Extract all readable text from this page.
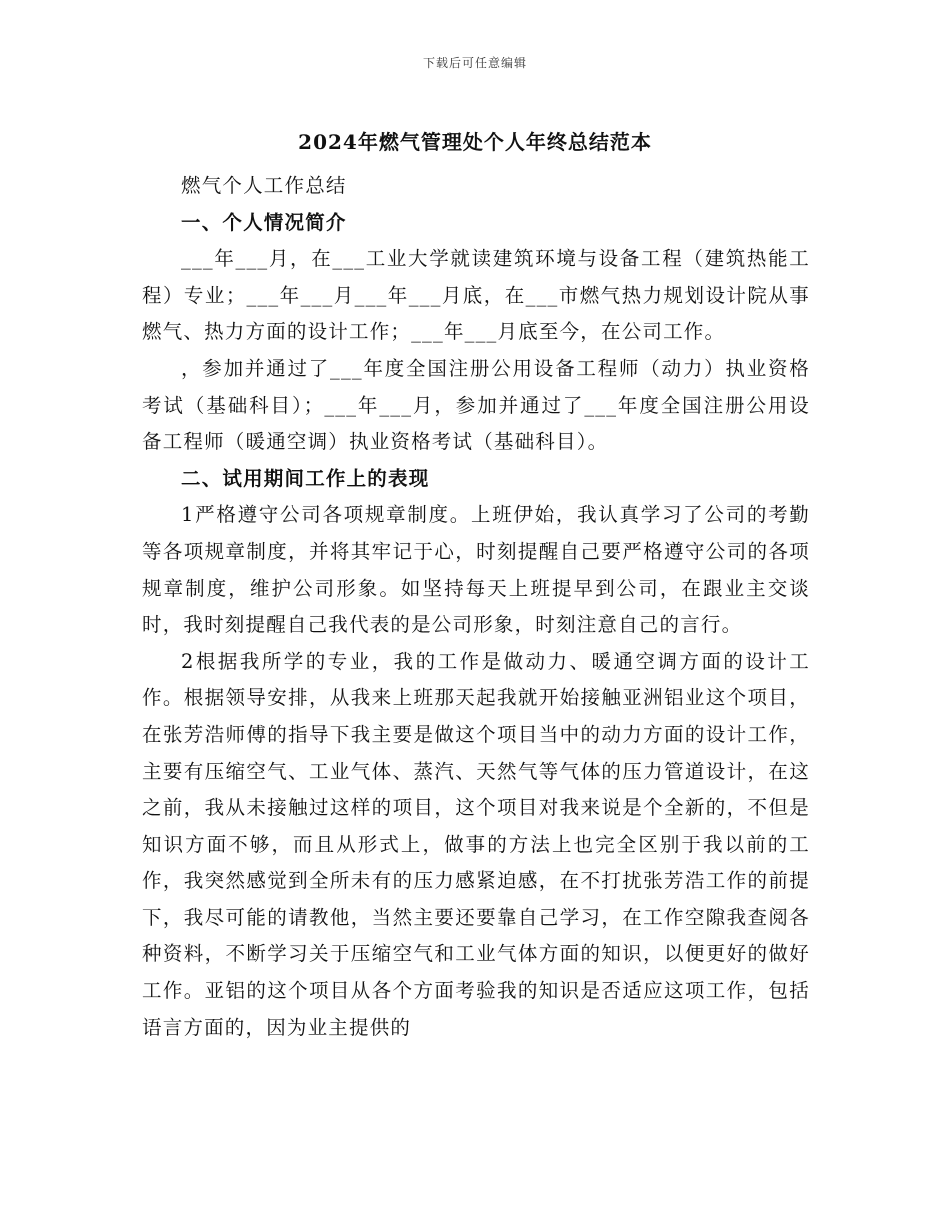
下载后可任意编辑
2024年燃气管理处个人年终总结范本

燃气个人工作总结

一、个人情况简介

___年___月，在___工业大学就读建筑环境与设备工程（建筑热能工程）专业；___年___月___年___月底，在___市燃气热力规划设计院从事燃气、热力方面的设计工作；___年___月底至今，在公司工作。

，参加并通过了___年度全国注册公用设备工程师（动力）执业资格考试（基础科目）；___年___月，参加并通过了___年度全国注册公用设备工程师（暖通空调）执业资格考试（基础科目）。

二、试用期间工作上的表现

1严格遵守公司各项规章制度。上班伊始，我认真学习了公司的考勤等各项规章制度，并将其牢记于心，时刻提醒自己要严格遵守公司的各项规章制度，维护公司形象。如坚持每天上班提早到公司，在跟业主交谈时，我时刻提醒自己我代表的是公司形象，时刻注意自己的言行。

2根据我所学的专业，我的工作是做动力、暖通空调方面的设计工作。根据领导安排，从我来上班那天起我就开始接触亚洲铝业这个项目，在张芳浩师傅的指导下我主要是做这个项目当中的动力方面的设计工作，主要有压缩空气、工业气体、蒸汽、天然气等气体的压力管道设计，在这之前，我从未接触过这样的项目，这个项目对我来说是个全新的，不但是知识方面不够，而且从形式上，做事的方法上也完全区别于我以前的工作，我突然感觉到全所未有的压力感紧迫感，在不打扰张芳浩工作的前提下，我尽可能的请教他，当然主要还要靠自己学习，在工作空隙我查阅各种资料，不断学习关于压缩空气和工业气体方面的知识，以便更好的做好工作。亚铝的这个项目从各个方面考验我的知识是否适应这项工作，包括语言方面的，因为业主提供的
